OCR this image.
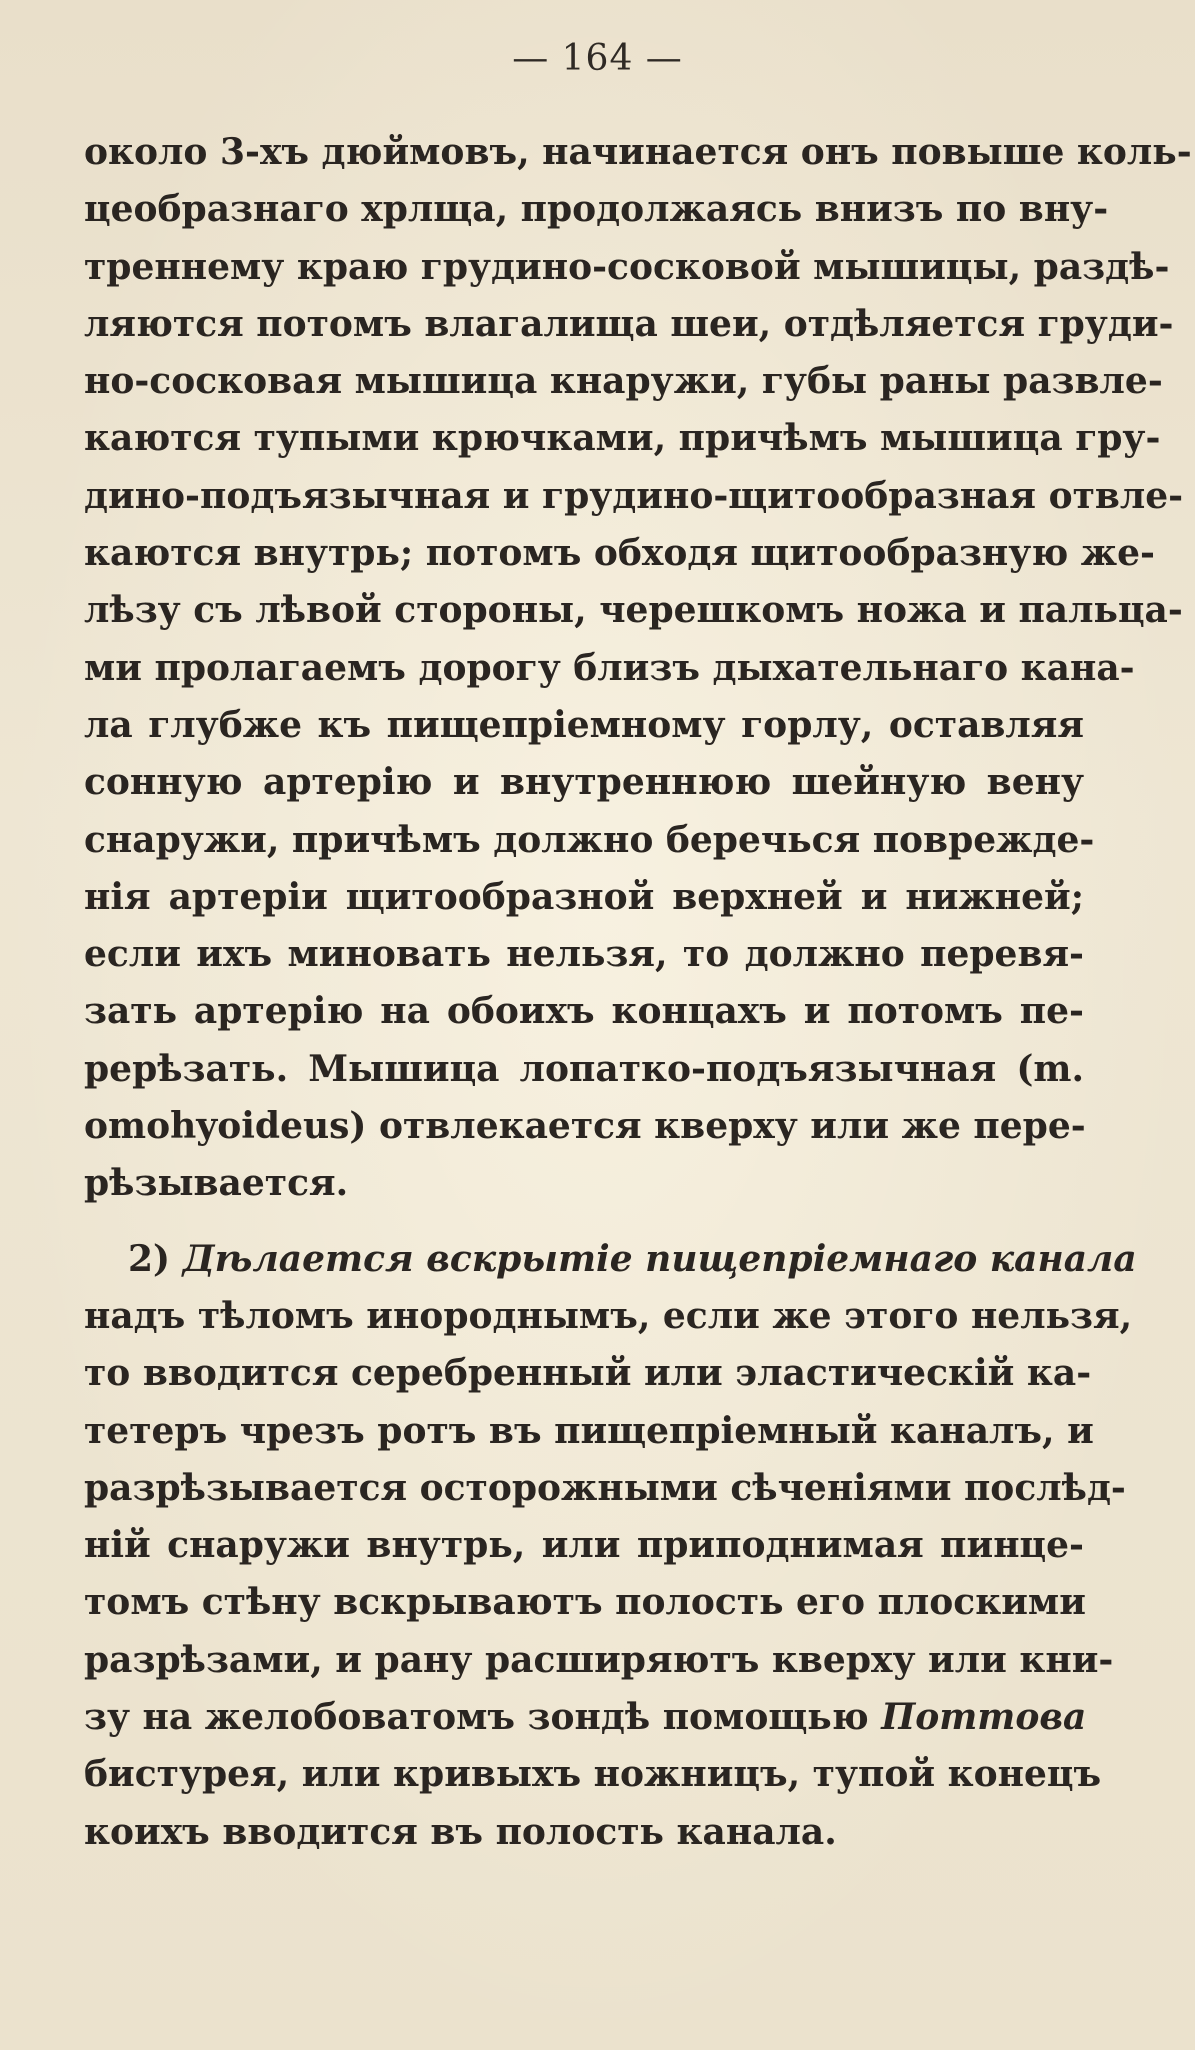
— 164 —
около 3-хъ дюймовъ, начинается онъ повыше коль-
цеобразнаго хрлща, продолжаясь внизъ по вну-
треннему краю грудино-сосковой мышицы, раздѣ-
ляются потомъ влагалища шеи, отдѣляется груди-
но-сосковая мышица кнаружи, губы раны развле-
каются тупыми крючками, причѣмъ мышица гру-
дино-подъязычная и грудино-щитообразная отвле-
каются внутрь; потомъ обходя щитообразную же-
лѣзу съ лѣвой стороны, черешкомъ ножа и пальца-
ми пролагаемъ дорогу близъ дыхательнаго кана-
ла глубже къ пищепріемному горлу, оставляя
сонную артерію и внутреннюю шейную вену
снаружи, причѣмъ должно беречься поврежде-
нія артеріи щитообразной верхней и нижней;
если ихъ миновать нельзя, то должно перевя-
зать артерію на обоихъ концахъ и потомъ пе-
рерѣзать. Мышица лопатко-подъязычная (m.
omohyoideus) отвлекается кверху или же пере-
рѣзывается.
2) Дѣлается вскрытіе пищепріемнаго канала
надъ тѣломъ инороднымъ, если же этого нельзя,
то вводится серебренный или эластическій ка-
тетеръ чрезъ ротъ въ пищепріемный каналъ, и
разрѣзывается осторожными сѣченіями послѣд-
ній снаружи внутрь, или приподнимая пинце-
томъ стѣну вскрываютъ полость его плоскими
разрѣзами, и рану расширяютъ кверху или кни-
зу на желобоватомъ зондѣ помощью Поттова
бистурея, или кривыхъ ножницъ, тупой конецъ
коихъ вводится въ полость канала.
